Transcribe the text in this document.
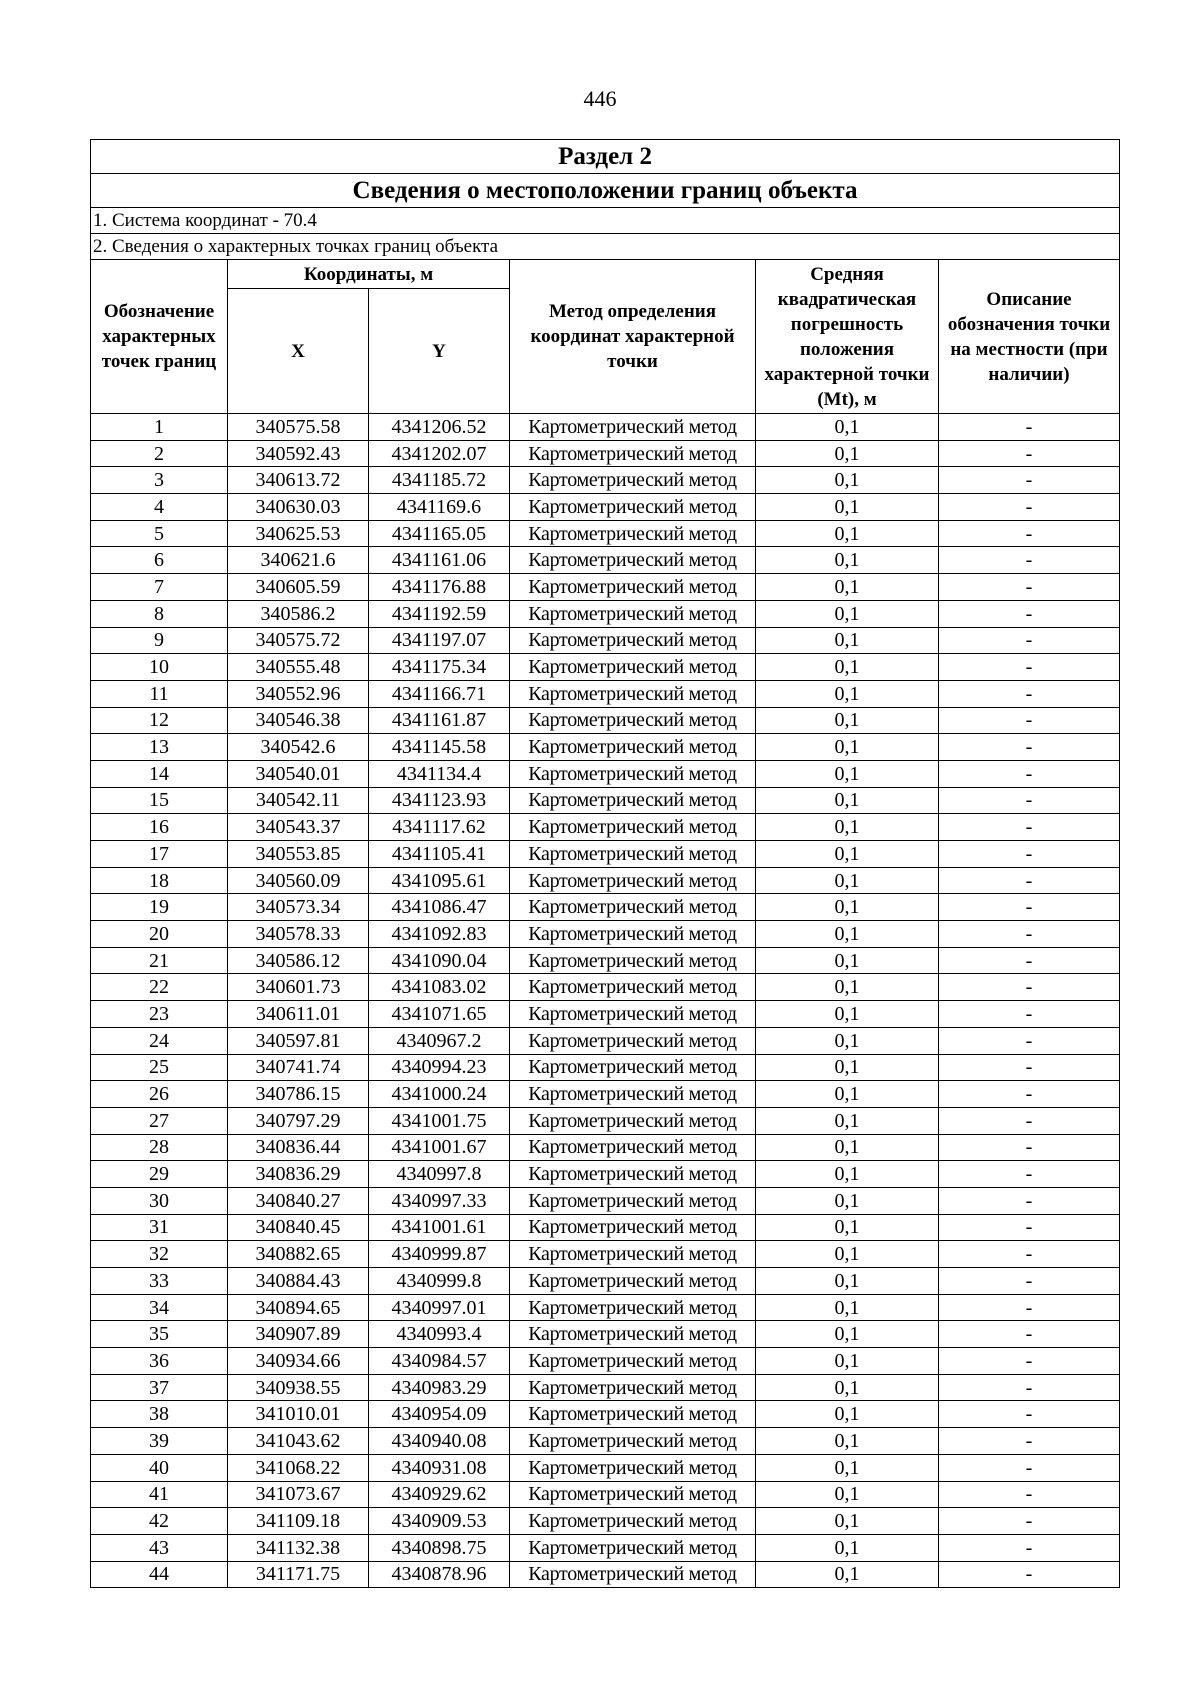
446
Раздел 2					
Сведения о местоположении границ объекта					
1. Система координат - 70.4					
2. Сведения о характерных точках границ объекта					
Обозначение характерных точек границ	Координаты, м		Метод определения координат характерной точки	Средняя квадратическая погрешность положения характерной точки (Mt), м	Описание обозначения точки на местности (при наличии)
	X	Y			
1	340575.58	4341206.52	Картометрический метод	0,1	-
2	340592.43	4341202.07	Картометрический метод	0,1	-
3	340613.72	4341185.72	Картометрический метод	0,1	-
4	340630.03	4341169.6	Картометрический метод	0,1	-
5	340625.53	4341165.05	Картометрический метод	0,1	-
6	340621.6	4341161.06	Картометрический метод	0,1	-
7	340605.59	4341176.88	Картометрический метод	0,1	-
8	340586.2	4341192.59	Картометрический метод	0,1	-
9	340575.72	4341197.07	Картометрический метод	0,1	-
10	340555.48	4341175.34	Картометрический метод	0,1	-
11	340552.96	4341166.71	Картометрический метод	0,1	-
12	340546.38	4341161.87	Картометрический метод	0,1	-
13	340542.6	4341145.58	Картометрический метод	0,1	-
14	340540.01	4341134.4	Картометрический метод	0,1	-
15	340542.11	4341123.93	Картометрический метод	0,1	-
16	340543.37	4341117.62	Картометрический метод	0,1	-
17	340553.85	4341105.41	Картометрический метод	0,1	-
18	340560.09	4341095.61	Картометрический метод	0,1	-
19	340573.34	4341086.47	Картометрический метод	0,1	-
20	340578.33	4341092.83	Картометрический метод	0,1	-
21	340586.12	4341090.04	Картометрический метод	0,1	-
22	340601.73	4341083.02	Картометрический метод	0,1	-
23	340611.01	4341071.65	Картометрический метод	0,1	-
24	340597.81	4340967.2	Картометрический метод	0,1	-
25	340741.74	4340994.23	Картометрический метод	0,1	-
26	340786.15	4341000.24	Картометрический метод	0,1	-
27	340797.29	4341001.75	Картометрический метод	0,1	-
28	340836.44	4341001.67	Картометрический метод	0,1	-
29	340836.29	4340997.8	Картометрический метод	0,1	-
30	340840.27	4340997.33	Картометрический метод	0,1	-
31	340840.45	4341001.61	Картометрический метод	0,1	-
32	340882.65	4340999.87	Картометрический метод	0,1	-
33	340884.43	4340999.8	Картометрический метод	0,1	-
34	340894.65	4340997.01	Картометрический метод	0,1	-
35	340907.89	4340993.4	Картометрический метод	0,1	-
36	340934.66	4340984.57	Картометрический метод	0,1	-
37	340938.55	4340983.29	Картометрический метод	0,1	-
38	341010.01	4340954.09	Картометрический метод	0,1	-
39	341043.62	4340940.08	Картометрический метод	0,1	-
40	341068.22	4340931.08	Картометрический метод	0,1	-
41	341073.67	4340929.62	Картометрический метод	0,1	-
42	341109.18	4340909.53	Картометрический метод	0,1	-
43	341132.38	4340898.75	Картометрический метод	0,1	-
44	341171.75	4340878.96	Картометрический метод	0,1	-
